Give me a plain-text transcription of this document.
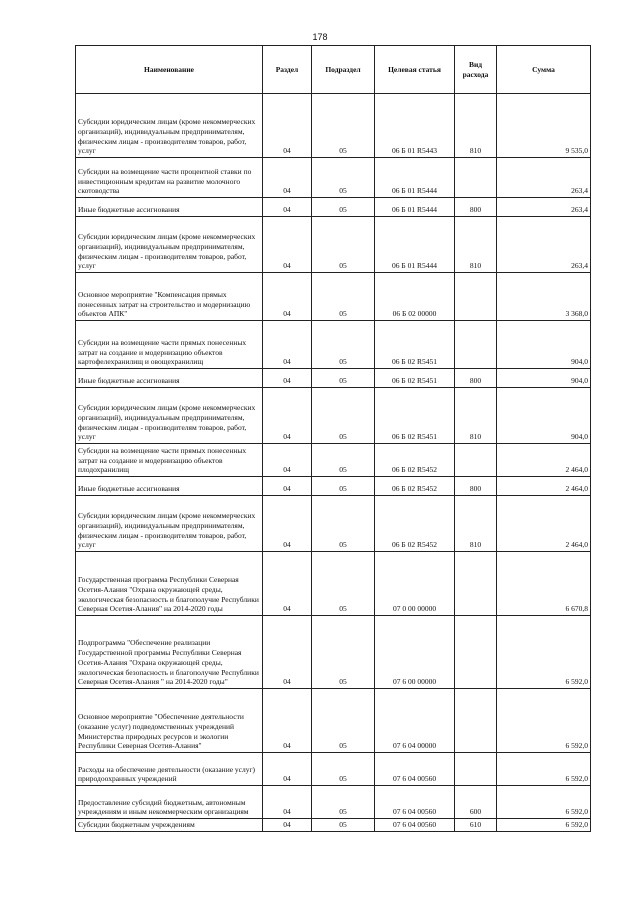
178
Наименование	Раздел	Подраздел	Целевая статья	Вид расхода	Сумма
Субсидии юридическим лицам (кроме некоммерческих организаций), индивидуальным предпринимателям, физическим лицам - производителям товаров, работ, услуг	04	05	06 Б 01 R5443	810	9 535,0
Субсидии на возмещение части процентной ставки по инвестиционным кредитам на развитие молочного скотоводства	04	05	06 Б 01 R5444		263,4
Иные бюджетные ассигнования	04	05	06 Б 01 R5444	800	263,4
Субсидии юридическим лицам (кроме некоммерческих организаций), индивидуальным предпринимателям, физическим лицам - производителям товаров, работ, услуг	04	05	06 Б 01 R5444	810	263,4
Основное мероприятие "Компенсация прямых понесенных затрат на строительство и модернизацию объектов АПК"	04	05	06 Б 02 00000		3 368,0
Субсидии на возмещение части прямых понесенных затрат на создание и модернизацию объектов картофелехранилищ и овощехранилищ	04	05	06 Б 02 R5451		904,0
Иные бюджетные ассигнования	04	05	06 Б 02 R5451	800	904,0
Субсидии юридическим лицам (кроме некоммерческих организаций), индивидуальным предпринимателям, физическим лицам - производителям товаров, работ, услуг	04	05	06 Б 02 R5451	810	904,0
Субсидии на возмещение части прямых понесенных затрат на создание и модернизацию объектов плодохранилищ	04	05	06 Б 02 R5452		2 464,0
Иные бюджетные ассигнования	04	05	06 Б 02 R5452	800	2 464,0
Субсидии юридическим лицам (кроме некоммерческих организаций), индивидуальным предпринимателям, физическим лицам - производителям товаров, работ, услуг	04	05	06 Б 02 R5452	810	2 464,0
Государственная программа Республики Северная Осетия-Алания "Охрана окружающей среды, экологическая безопасность и благополучие Республики Северная Осетия-Алания" на 2014-2020 годы	04	05	07 0 00 00000		6 670,8
Подпрограмма "Обеспечение реализации Государственной программы Республики Северная Осетия-Алания "Охрана окружающей среды, экологическая безопасность и благополучие Республики Северная Осетия-Алания " на 2014-2020 годы"	04	05	07 6 00 00000		6 592,0
Основное мероприятие "Обеспечение деятельности (оказание услуг) подведомственных учреждений Министерства природных ресурсов и экологии Республики Северная Осетия-Алания"	04	05	07 6 04 00000		6 592,0
Расходы на обеспечение деятельности (оказание услуг) природоохранных учреждений	04	05	07 6 04 00560		6 592,0
Предоставление субсидий бюджетным, автономным учреждениям и иным некоммерческим организациям	04	05	07 6 04 00560	600	6 592,0
Субсидии бюджетным учреждениям	04	05	07 6 04 00560	610	6 592,0
